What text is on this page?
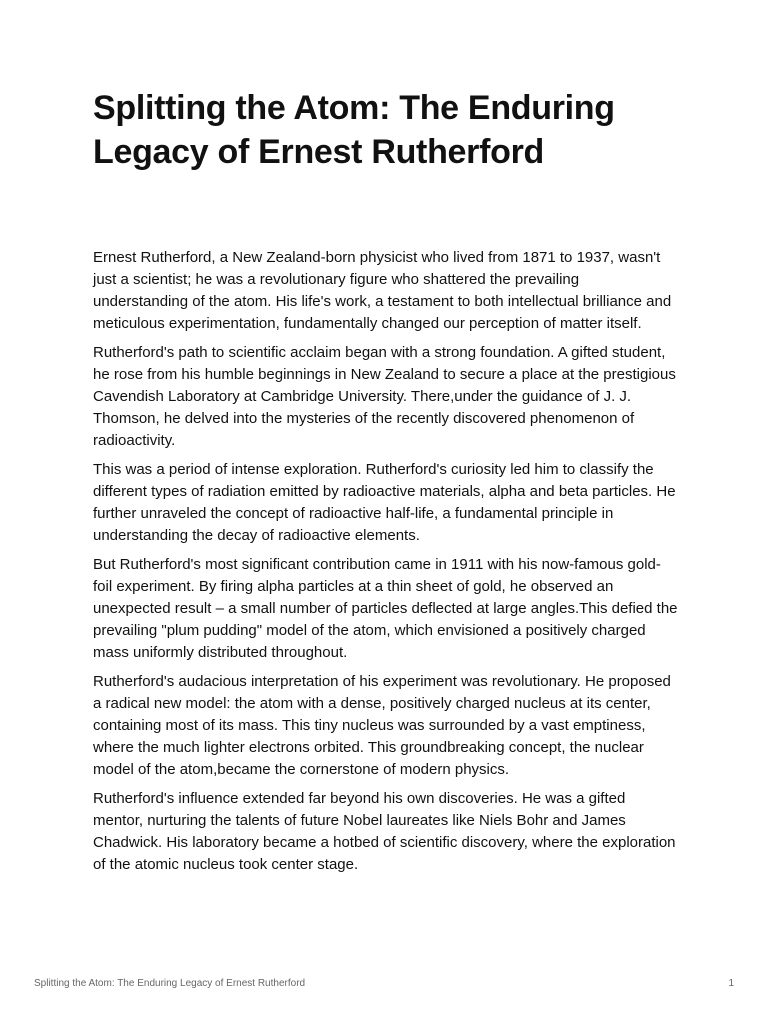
Splitting the Atom: The Enduring Legacy of Ernest Rutherford

Ernest Rutherford, a New Zealand-born physicist who lived from 1871 to 1937, wasn't just a scientist; he was a revolutionary figure who shattered the prevailing understanding of the atom. His life's work, a testament to both intellectual brilliance and meticulous experimentation, fundamentally changed our perception of matter itself.

Rutherford's path to scientific acclaim began with a strong foundation. A gifted student, he rose from his humble beginnings in New Zealand to secure a place at the prestigious Cavendish Laboratory at Cambridge University. There,under the guidance of J. J. Thomson, he delved into the mysteries of the recently discovered phenomenon of radioactivity.

This was a period of intense exploration. Rutherford's curiosity led him to classify the different types of radiation emitted by radioactive materials, alpha and beta particles. He further unraveled the concept of radioactive half-life, a fundamental principle in understanding the decay of radioactive elements.

But Rutherford's most significant contribution came in 1911 with his now-famous gold-foil experiment. By firing alpha particles at a thin sheet of gold, he observed an unexpected result – a small number of particles deflected at large angles.This defied the prevailing "plum pudding" model of the atom, which envisioned a positively charged mass uniformly distributed throughout.

Rutherford's audacious interpretation of his experiment was revolutionary. He proposed a radical new model: the atom with a dense, positively charged nucleus at its center, containing most of its mass. This tiny nucleus was surrounded by a vast emptiness, where the much lighter electrons orbited. This groundbreaking concept, the nuclear model of the atom,became the cornerstone of modern physics.

Rutherford's influence extended far beyond his own discoveries. He was a gifted mentor, nurturing the talents of future Nobel laureates like Niels Bohr and James Chadwick. His laboratory became a hotbed of scientific discovery, where the exploration of the atomic nucleus took center stage.

Splitting the Atom: The Enduring Legacy of Ernest Rutherford	1
